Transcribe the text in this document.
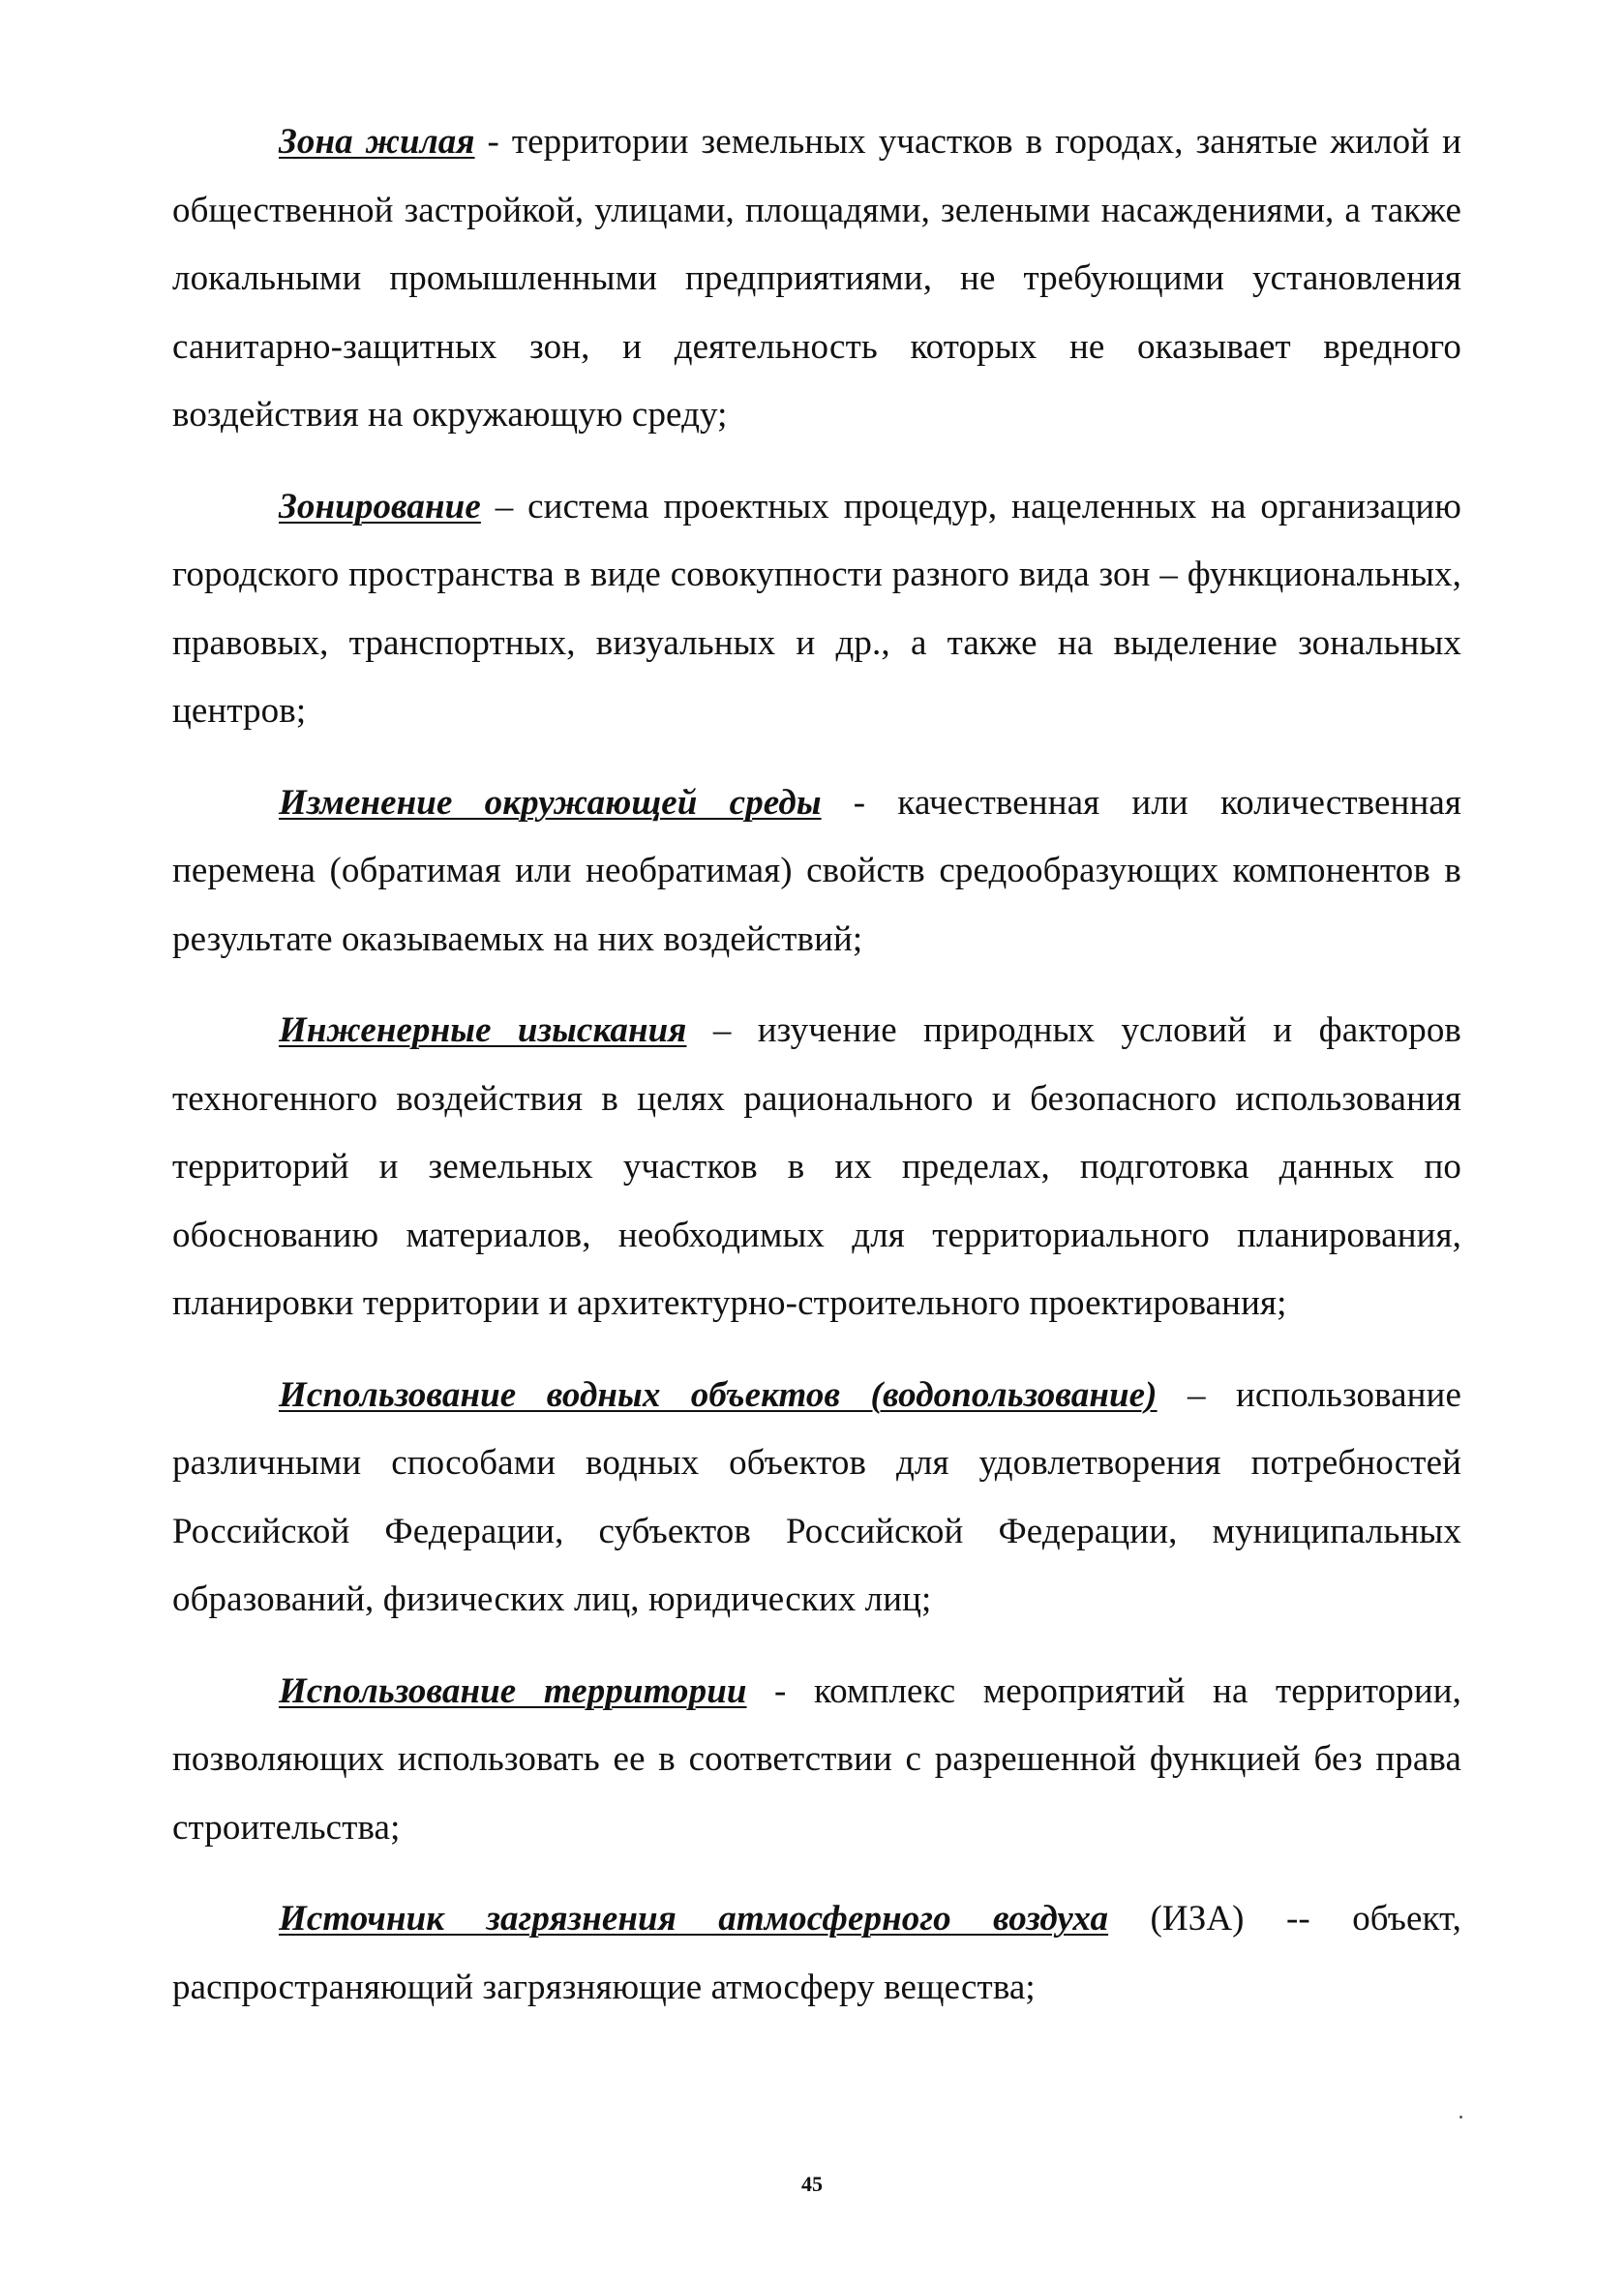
Зона жилая - территории земельных участков в городах, занятые жилой и общественной застройкой, улицами, площадями, зелеными насаждениями, а также локальными промышленными предприятиями, не требующими установления санитарно-защитных зон, и деятельность которых не оказывает вредного воздействия на окружающую среду;

Зонирование – система проектных процедур, нацеленных на организацию городского пространства в виде совокупности разного вида зон – функциональных, правовых, транспортных, визуальных и др., а также на выделение зональных центров;

Изменение окружающей среды - качественная или количественная перемена (обратимая или необратимая) свойств средообразующих компонентов в результате оказываемых на них воздействий;

Инженерные изыскания – изучение природных условий и факторов техногенного воздействия в целях рационального и безопасного использования территорий и земельных участков в их пределах, подготовка данных по обоснованию материалов, необходимых для территориального планирования, планировки территории и архитектурно-строительного проектирования;

Использование водных объектов (водопользование) – использование различными способами водных объектов для удовлетворения потребностей Российской Федерации, субъектов Российской Федерации, муниципальных образований, физических лиц, юридических лиц;

Использование территории - комплекс мероприятий на территории, позволяющих использовать ее в соответствии с разрешенной функцией без права строительства;

Источник загрязнения атмосферного воздуха (ИЗА) -- объект, распространяющий загрязняющие атмосферу вещества;

45
